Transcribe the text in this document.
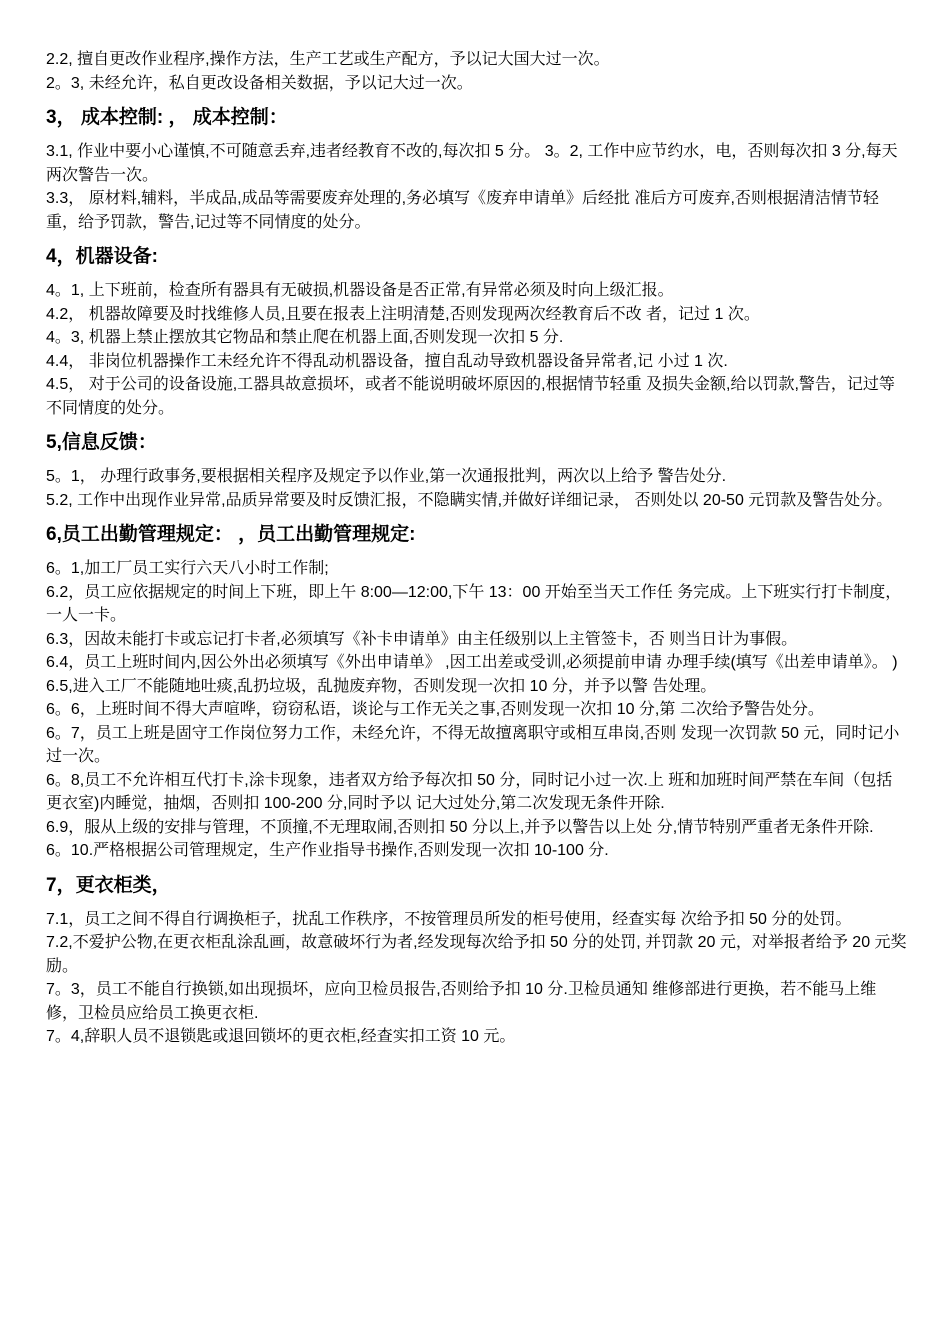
2.2, 擅自更改作业程序,操作方法，生产工艺或生产配方，予以记大国大过一次。

2。3, 未经允许，私自更改设备相关数据，予以记大过一次。

3， 成本控制: ， 成本控制：

3.1, 作业中要小心谨慎,不可随意丢弃,违者经教育不改的,每次扣 5 分。 3。2, 工作中应节约水，电，否则每次扣 3 分,每天两次警告一次。

3.3， 原材料,辅料，半成品,成品等需要废弃处理的,务必填写《废弃申请单》后经批 准后方可废弃,否则根据清洁情节轻重，给予罚款，警告,记过等不同情度的处分。

4，机器设备:

4。1, 上下班前，检查所有器具有无破损,机器设备是否正常,有异常必须及时向上级汇报。

4.2， 机器故障要及时找维修人员,且要在报表上注明清楚,否则发现两次经教育后不改 者，记过 1 次。

4。3, 机器上禁止摆放其它物品和禁止爬在机器上面,否则发现一次扣 5 分.

4.4， 非岗位机器操作工未经允许不得乱动机器设备，擅自乱动导致机器设备异常者,记 小过 1 次.

4.5， 对于公司的设备设施,工器具故意损坏，或者不能说明破坏原因的,根据情节轻重 及损失金额,给以罚款,警告，记过等不同情度的处分。

5,信息反馈：

5。1， 办理行政事务,要根据相关程序及规定予以作业,第一次通报批判，两次以上给予 警告处分.

5.2, 工作中出现作业异常,品质异常要及时反馈汇报，不隐瞒实情,并做好详细记录， 否则处以 20-50 元罚款及警告处分。

6,员工出勤管理规定： ，员工出勤管理规定:

6。1,加工厂员工实行六天八小时工作制;

6.2，员工应依据规定的时间上下班，即上午 8:00—12:00,下午 13：00 开始至当天工作任 务完成。上下班实行打卡制度，一人一卡。

6.3，因故未能打卡或忘记打卡者,必须填写《补卡申请单》由主任级别以上主管签卡，否 则当日计为事假。

6.4，员工上班时间内,因公外出必须填写《外出申请单》 ,因工出差或受训,必须提前申请 办理手续(填写《出差申请单》。 )

6.5,进入工厂不能随地吐痰,乱扔垃圾，乱抛废弃物，否则发现一次扣 10 分，并予以警 告处理。

6。6，上班时间不得大声喧哗，窃窃私语，谈论与工作无关之事,否则发现一次扣 10 分,第 二次给予警告处分。

6。7，员工上班是固守工作岗位努力工作，未经允许，不得无故擅离职守或相互串岗,否则 发现一次罚款 50 元，同时记小过一次。

6。8,员工不允许相互代打卡,涂卡现象，违者双方给予每次扣 50 分，同时记小过一次.上 班和加班时间严禁在车间（包括更衣室)内睡觉，抽烟，否则扣 100-200 分,同时予以 记大过处分,第二次发现无条件开除.

6.9，服从上级的安排与管理，不顶撞,不无理取闹,否则扣 50 分以上,并予以警告以上处 分,情节特别严重者无条件开除.

6。10.严格根据公司管理规定，生产作业指导书操作,否则发现一次扣 10-100 分.

7，更衣柜类，

7.1，员工之间不得自行调换柜子，扰乱工作秩序，不按管理员所发的柜号使用，经查实每 次给予扣 50 分的处罚。

7.2,不爱护公物,在更衣柜乱涂乱画，故意破坏行为者,经发现每次给予扣 50 分的处罚, 并罚款 20 元，对举报者给予 20 元奖励。

7。3，员工不能自行换锁,如出现损坏，应向卫检员报告,否则给予扣 10 分.卫检员通知 维修部进行更换，若不能马上维修，卫检员应给员工换更衣柜.

7。4,辞职人员不退锁匙或退回锁坏的更衣柜,经查实扣工资 10 元。
